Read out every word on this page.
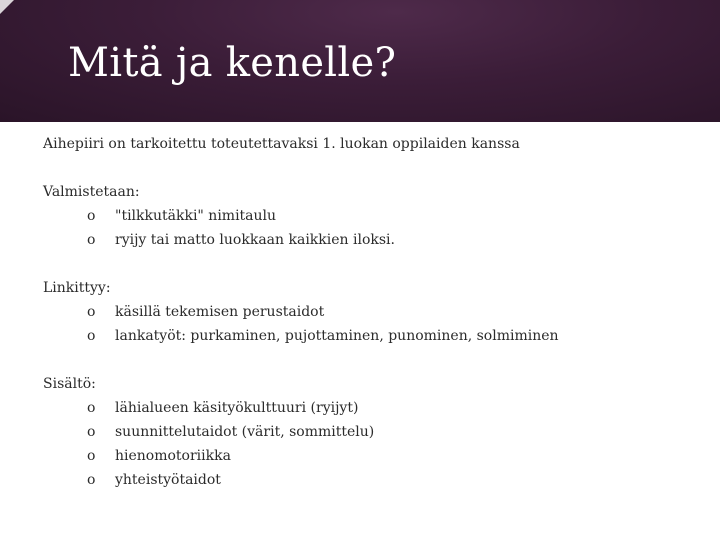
Mitä ja kenelle?

Aihepiiri on tarkoitettu toteutettavaksi 1. luokan oppilaiden kanssa

Valmistetaan:

o	"tilkkutäkki" nimitaulu
o	ryijy tai matto luokkaan kaikkien iloksi.

Linkittyy:

o	käsillä tekemisen perustaidot
o	lankatyöt: purkaminen, pujottaminen, punominen, solmiminen

Sisältö:

o	lähialueen käsityökulttuuri (ryijyt)
o	suunnittelutaidot (värit, sommittelu)
o	hienomotoriikka
o	yhteistyötaidot
